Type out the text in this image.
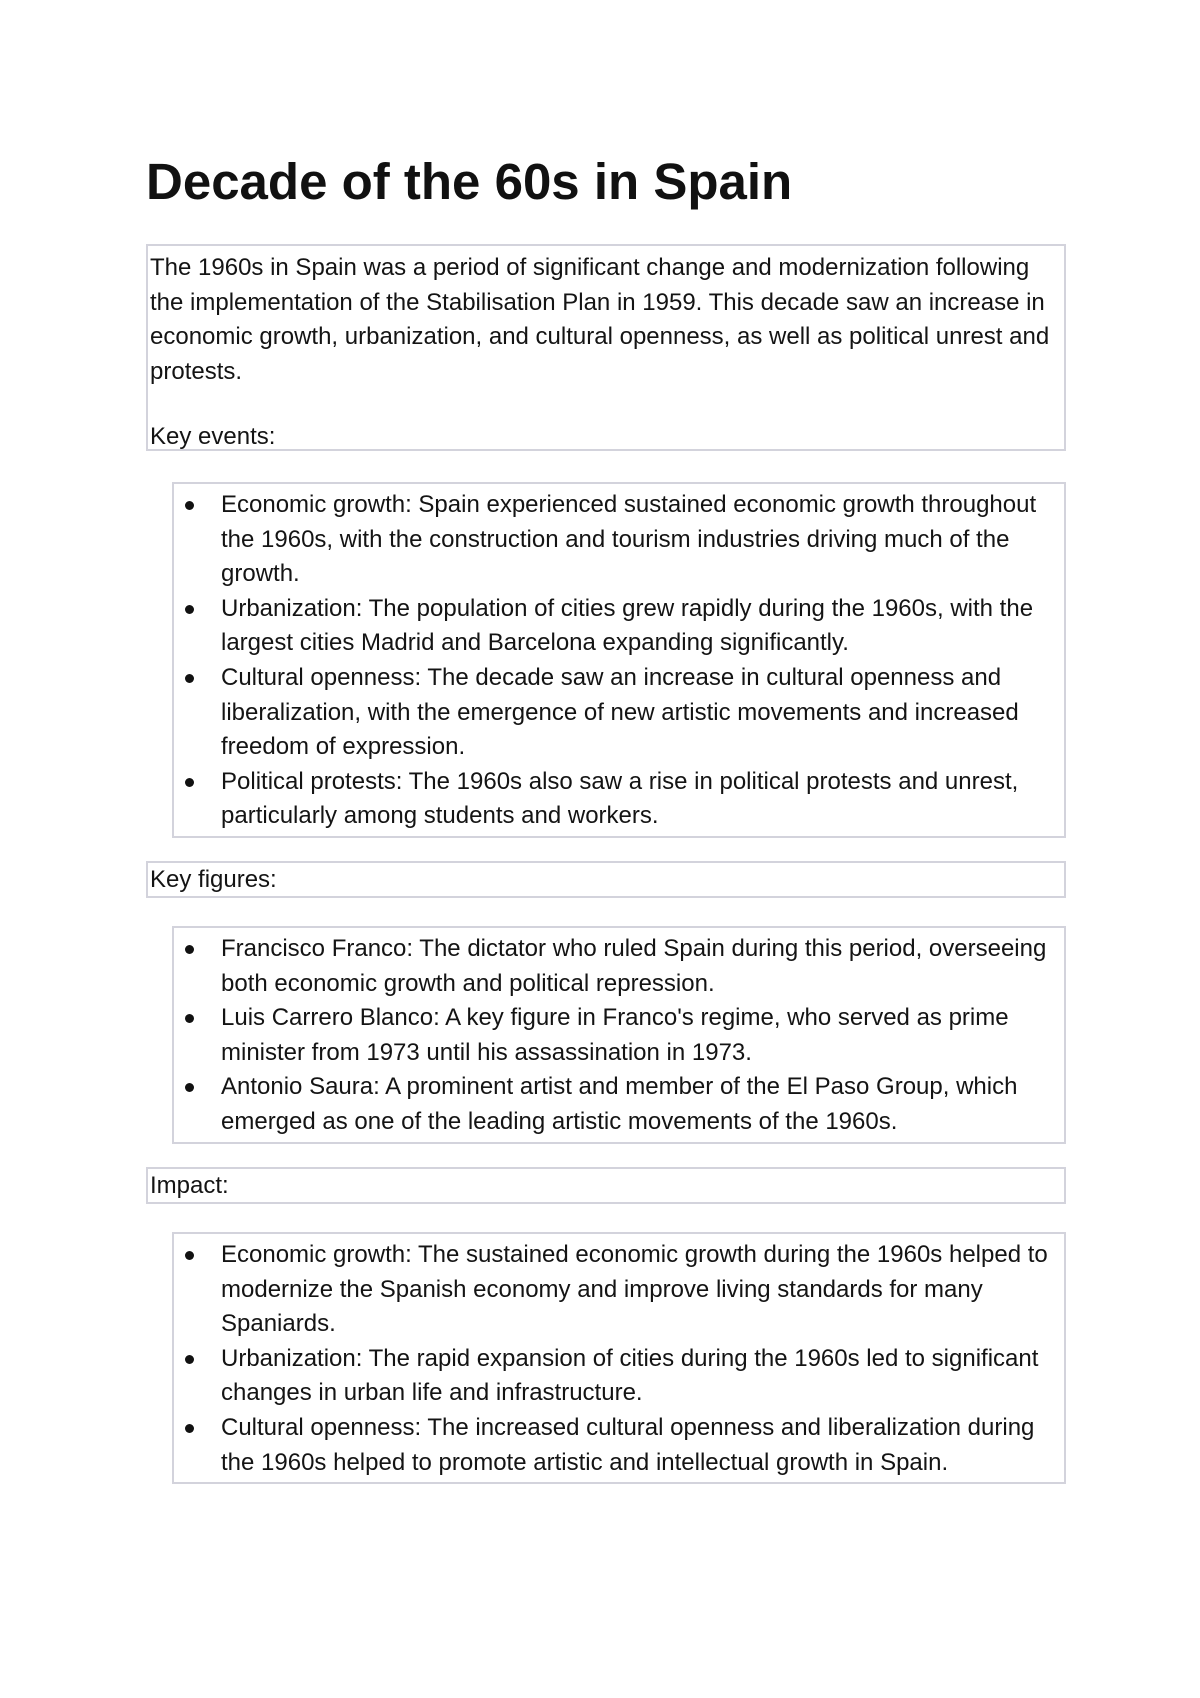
Decade of the 60s in Spain

The 1960s in Spain was a period of significant change and modernization following the implementation of the Stabilisation Plan in 1959. This decade saw an increase in economic growth, urbanization, and cultural openness, as well as political unrest and protests.

Key events:

Economic growth: Spain experienced sustained economic growth throughout the 1960s, with the construction and tourism industries driving much of the growth.
Urbanization: The population of cities grew rapidly during the 1960s, with the largest cities Madrid and Barcelona expanding significantly.
Cultural openness: The decade saw an increase in cultural openness and liberalization, with the emergence of new artistic movements and increased freedom of expression.
Political protests: The 1960s also saw a rise in political protests and unrest, particularly among students and workers.
Key figures:
Francisco Franco: The dictator who ruled Spain during this period, overseeing both economic growth and political repression.
Luis Carrero Blanco: A key figure in Franco's regime, who served as prime minister from 1973 until his assassination in 1973.
Antonio Saura: A prominent artist and member of the El Paso Group, which emerged as one of the leading artistic movements of the 1960s.
Impact:
Economic growth: The sustained economic growth during the 1960s helped to modernize the Spanish economy and improve living standards for many Spaniards.
Urbanization: The rapid expansion of cities during the 1960s led to significant changes in urban life and infrastructure.
Cultural openness: The increased cultural openness and liberalization during the 1960s helped to promote artistic and intellectual growth in Spain.
